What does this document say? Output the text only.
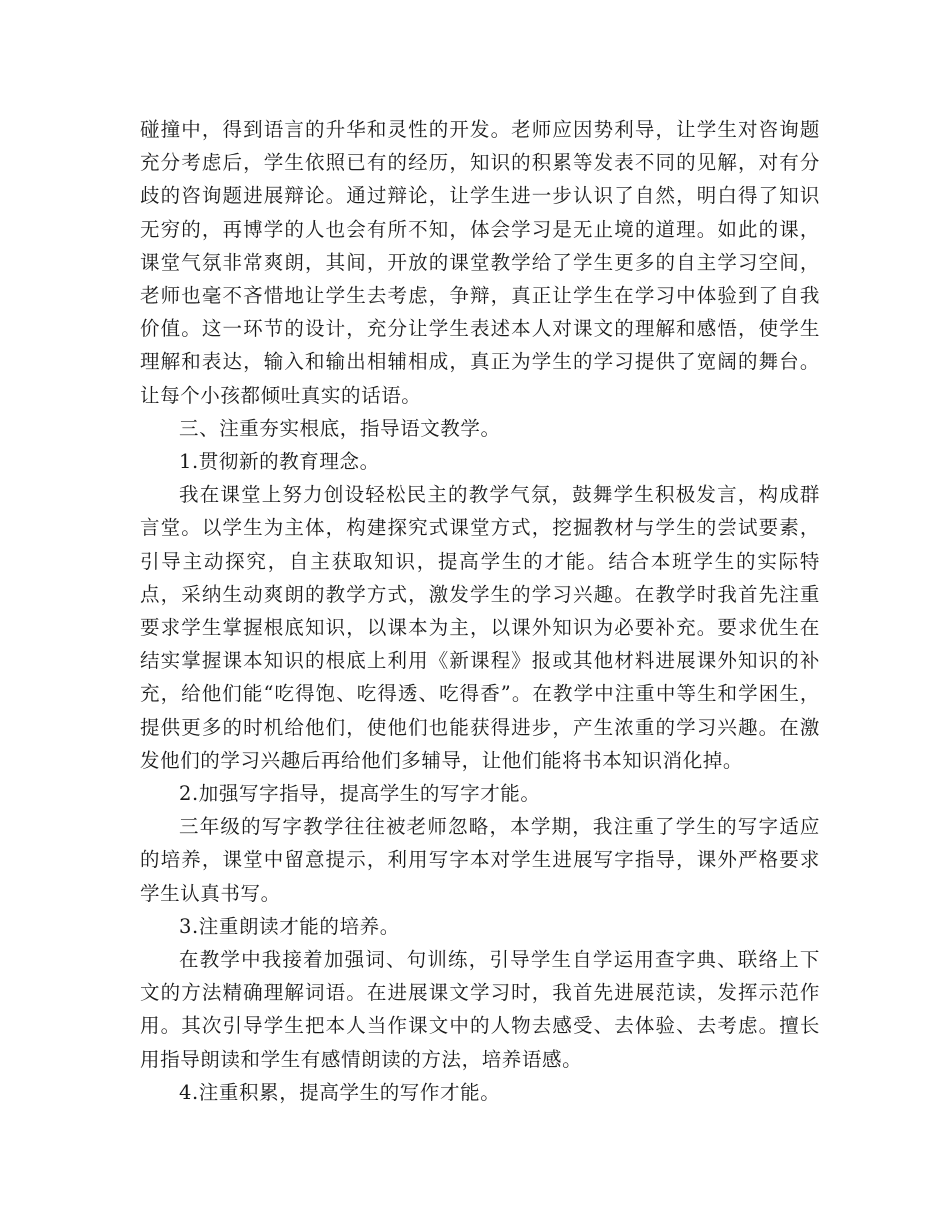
碰撞中，得到语言的升华和灵性的开发。老师应因势利导，让学生对咨询题充分考虑后，学生依照已有的经历，知识的积累等发表不同的见解，对有分歧的咨询题进展辩论。通过辩论，让学生进一步认识了自然，明白得了知识无穷的，再博学的人也会有所不知，体会学习是无止境的道理。如此的课，课堂气氛非常爽朗，其间，开放的课堂教学给了学生更多的自主学习空间，老师也毫不吝惜地让学生去考虑，争辩，真正让学生在学习中体验到了自我价值。这一环节的设计，充分让学生表述本人对课文的理解和感悟，使学生理解和表达，输入和输出相辅相成，真正为学生的学习提供了宽阔的舞台。让每个小孩都倾吐真实的话语。

三、注重夯实根底，指导语文教学。

1.贯彻新的教育理念。

我在课堂上努力创设轻松民主的教学气氛，鼓舞学生积极发言，构成群言堂。以学生为主体，构建探究式课堂方式，挖掘教材与学生的尝试要素，引导主动探究，自主获取知识，提高学生的才能。结合本班学生的实际特点，采纳生动爽朗的教学方式，激发学生的学习兴趣。在教学时我首先注重要求学生掌握根底知识，以课本为主，以课外知识为必要补充。要求优生在结实掌握课本知识的根底上利用《新课程》报或其他材料进展课外知识的补充，给他们能“吃得饱、吃得透、吃得香”。在教学中注重中等生和学困生，提供更多的时机给他们，使他们也能获得进步，产生浓重的学习兴趣。在激发他们的学习兴趣后再给他们多辅导，让他们能将书本知识消化掉。

2.加强写字指导，提高学生的写字才能。

三年级的写字教学往往被老师忽略，本学期，我注重了学生的写字适应的培养，课堂中留意提示，利用写字本对学生进展写字指导，课外严格要求学生认真书写。

3.注重朗读才能的培养。

在教学中我接着加强词、句训练，引导学生自学运用查字典、联络上下文的方法精确理解词语。在进展课文学习时，我首先进展范读，发挥示范作用。其次引导学生把本人当作课文中的人物去感受、去体验、去考虑。擅长用指导朗读和学生有感情朗读的方法，培养语感。

4.注重积累，提高学生的写作才能。
